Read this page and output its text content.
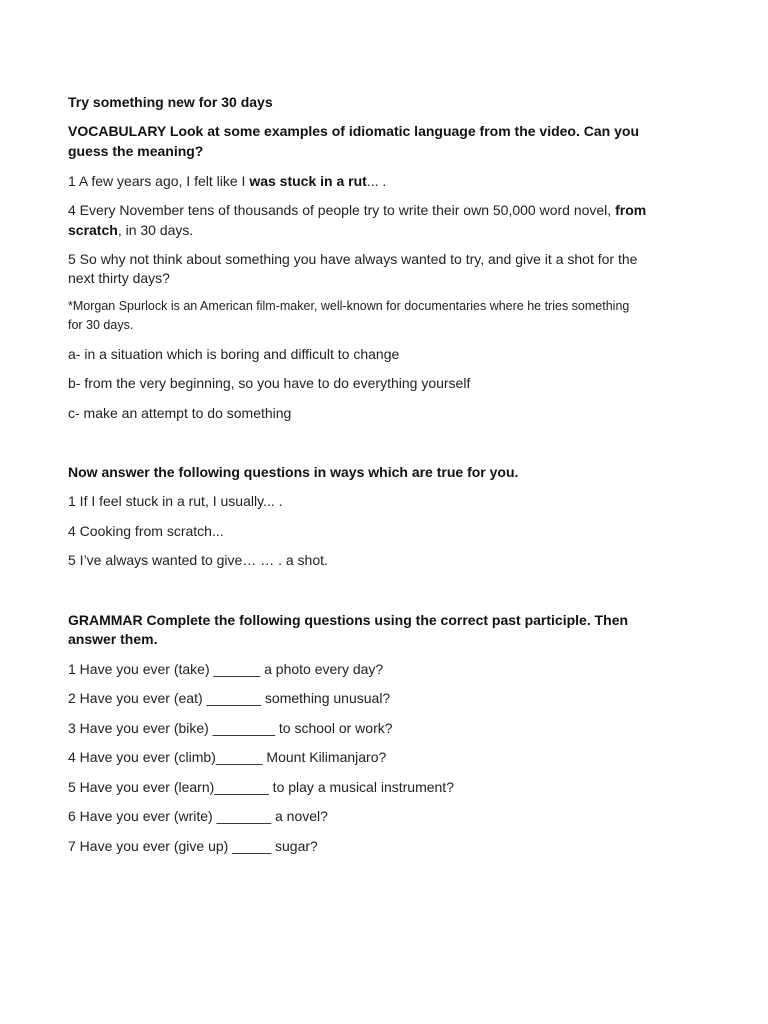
Try something new for 30 days

VOCABULARY Look at some examples of idiomatic language from the video. Can you

guess the meaning?

1 A few years ago, I felt like I was stuck in a rut... .

4 Every November tens of thousands of people try to write their own 50,000 word novel, from

scratch, in 30 days.

5 So why not think about something you have always wanted to try, and give it a shot for the

next thirty days?

*Morgan Spurlock is an American film-maker, well-known for documentaries where he tries something

for 30 days.

a- in a situation which is boring and difficult to change

b- from the very beginning, so you have to do everything yourself

c- make an attempt to do something

Now answer the following questions in ways which are true for you.

1 If I feel stuck in a rut, I usually... .

4 Cooking from scratch...

5 I’ve always wanted to give… … . a shot.

GRAMMAR Complete the following questions using the correct past participle. Then

answer them.

1 Have you ever (take) ______ a photo every day?

2 Have you ever (eat) _______ something unusual?

3 Have you ever (bike) ________ to school or work?

4 Have you ever (climb)______ Mount Kilimanjaro?

5 Have you ever (learn)_______ to play a musical instrument?

6 Have you ever (write) _______ a novel?

7 Have you ever (give up) _____ sugar?
